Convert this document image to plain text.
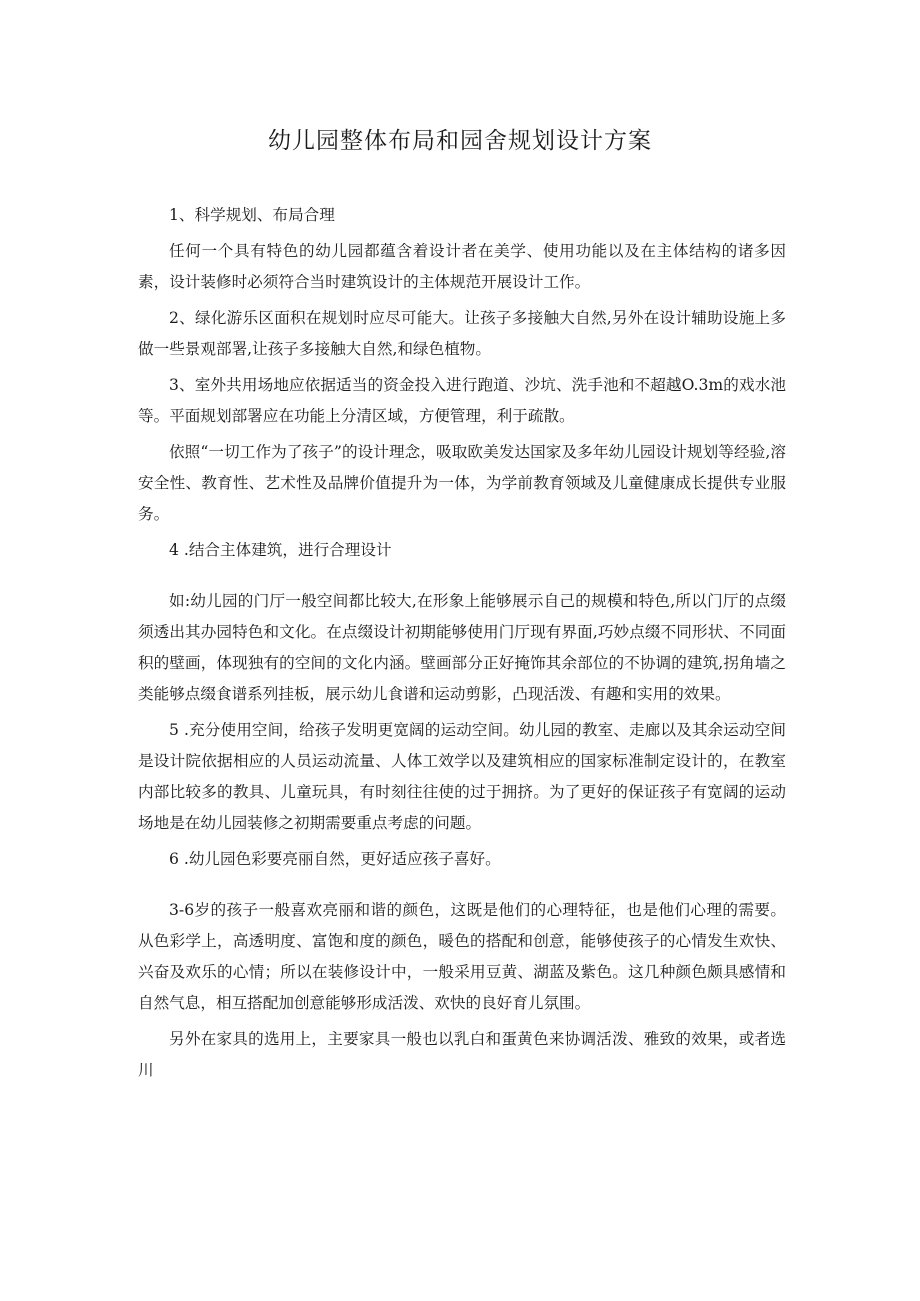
幼儿园整体布局和园舍规划设计方案

1、科学规划、布局合理

任何一个具有特色的幼儿园都蕴含着设计者在美学、使用功能以及在主体结构的诸多因素，设计装修时必须符合当时建筑设计的主体规范开展设计工作。

2、绿化游乐区面积在规划时应尽可能大。让孩子多接触大自然,另外在设计辅助设施上多做一些景观部署,让孩子多接触大自然,和绿色植物。

3、室外共用场地应依据适当的资金投入进行跑道、沙坑、洗手池和不超越O.3m的戏水池等。平面规划部署应在功能上分清区域，方便管理，利于疏散。

依照“一切工作为了孩子”的设计理念，吸取欧美发达国家及多年幼儿园设计规划等经验,溶安全性、教育性、艺术性及品牌价值提升为一体，为学前教育领域及儿童健康成长提供专业服务。

4 .结合主体建筑，进行合理设计

如:幼儿园的门厅一般空间都比较大,在形象上能够展示自己的规模和特色,所以门厅的点缀须透出其办园特色和文化。在点缀设计初期能够使用门厅现有界面,巧妙点缀不同形状、不同面积的壁画，体现独有的空间的文化内涵。壁画部分正好掩饰其余部位的不协调的建筑,拐角墙之类能够点缀食谱系列挂板，展示幼儿食谱和运动剪影，凸现活泼、有趣和实用的效果。

5 .充分使用空间，给孩子发明更宽阔的运动空间。幼儿园的教室、走廊以及其余运动空间是设计院依据相应的人员运动流量、人体工效学以及建筑相应的国家标准制定设计的，在教室内部比较多的教具、儿童玩具，有时刻往往使的过于拥挤。为了更好的保证孩子有宽阔的运动场地是在幼儿园装修之初期需要重点考虑的问题。

6 .幼儿园色彩要亮丽自然，更好适应孩子喜好。

3-6岁的孩子一般喜欢亮丽和谐的颜色，这既是他们的心理特征，也是他们心理的需要。从色彩学上，高透明度、富饱和度的颜色，暖色的搭配和创意，能够使孩子的心情发生欢快、兴奋及欢乐的心情；所以在装修设计中，一般采用豆黄、湖蓝及紫色。这几种颜色颇具感情和自然气息，相互搭配加创意能够形成活泼、欢快的良好育儿氛围。

另外在家具的选用上，主要家具一般也以乳白和蛋黄色来协调活泼、雅致的效果，或者选川
